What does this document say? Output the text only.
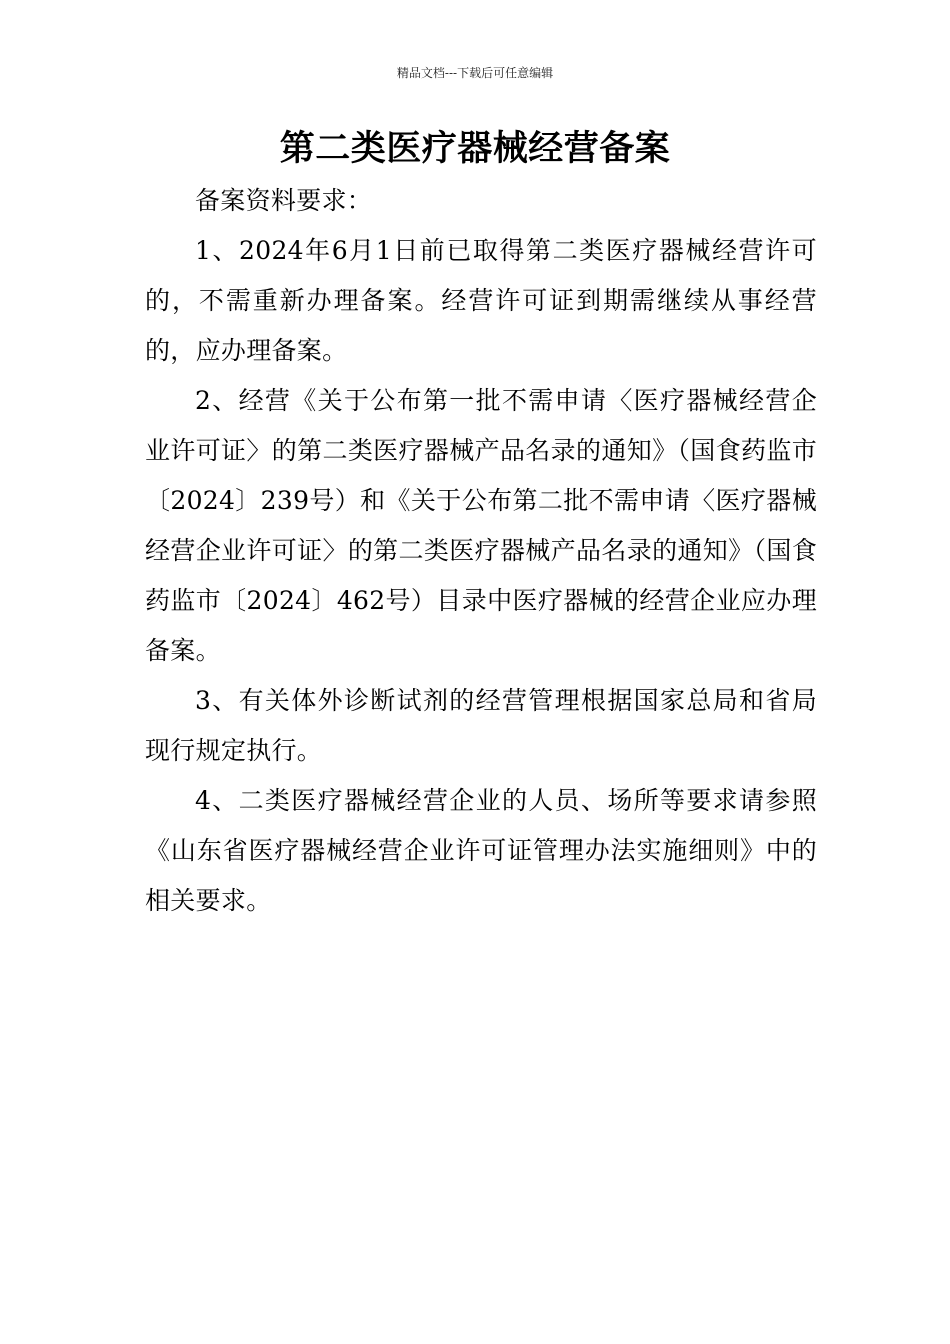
精品文档---下载后可任意编辑
第二类医疗器械经营备案

备案资料要求：

1、2024年6月1日前已取得第二类医疗器械经营许可的，不需重新办理备案。经营许可证到期需继续从事经营的，应办理备案。

2、经营《关于公布第一批不需申请〈医疗器械经营企业许可证〉的第二类医疗器械产品名录的通知》（国食药监市〔2024〕239号）和《关于公布第二批不需申请〈医疗器械经营企业许可证〉的第二类医疗器械产品名录的通知》（国食药监市〔2024〕462号）目录中医疗器械的经营企业应办理备案。

3、有关体外诊断试剂的经营管理根据国家总局和省局现行规定执行。

4、二类医疗器械经营企业的人员、场所等要求请参照《山东省医疗器械经营企业许可证管理办法实施细则》中的相关要求。
